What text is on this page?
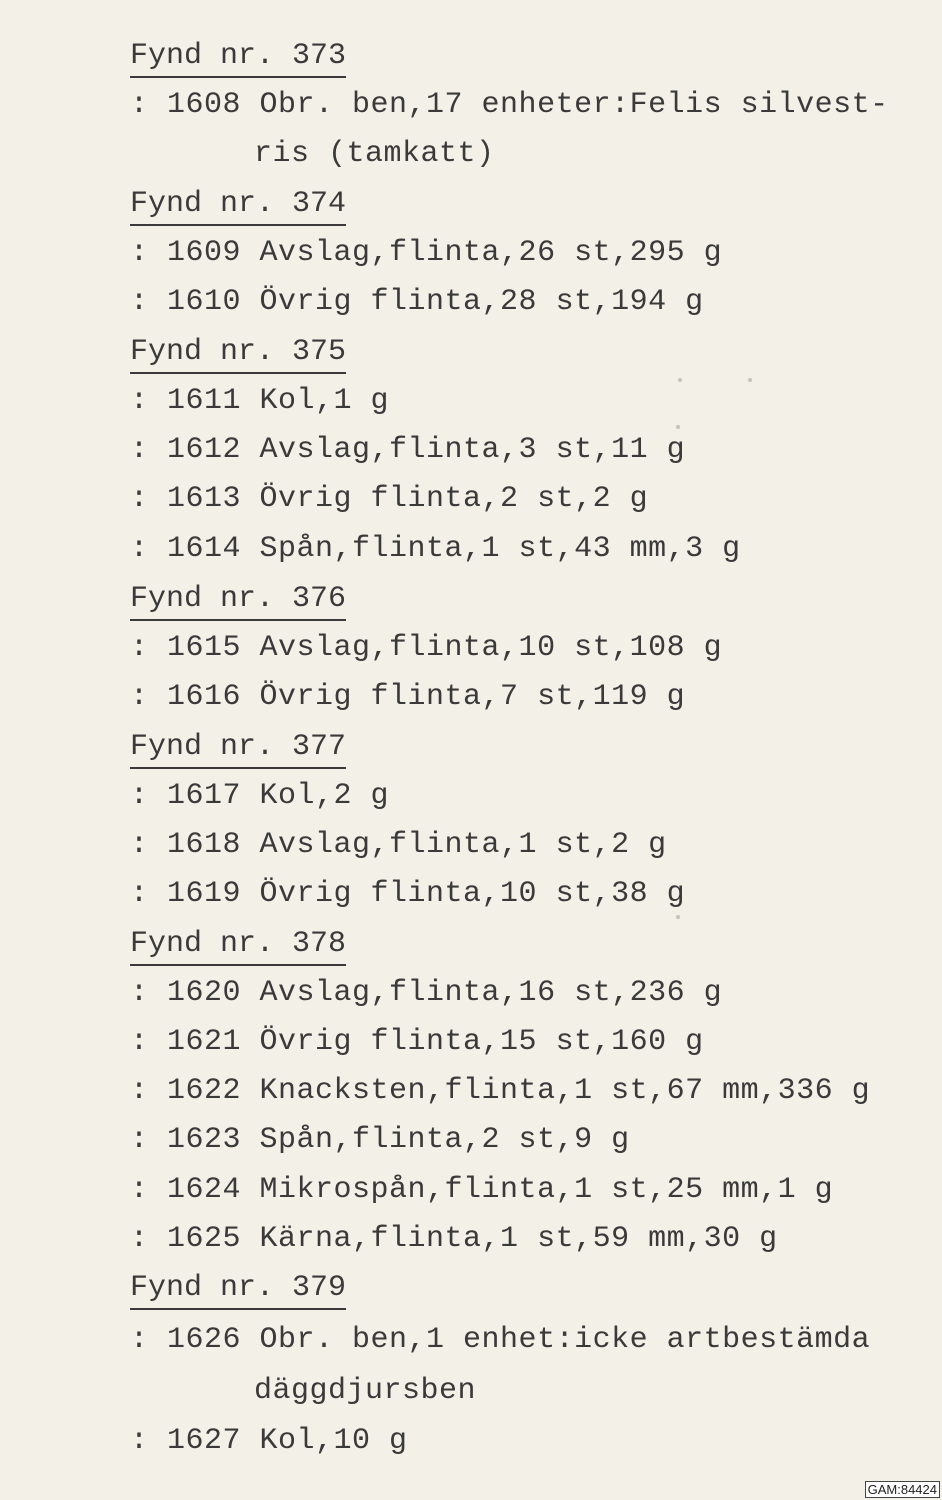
Fynd nr. 373
: 1608 Obr. ben,17 enheter:Felis silvest-
ris (tamkatt)
Fynd nr. 374
: 1609 Avslag,flinta,26 st,295 g
: 1610 Övrig flinta,28 st,194 g
Fynd nr. 375
: 1611 Kol,1 g
: 1612 Avslag,flinta,3 st,11 g
: 1613 Övrig flinta,2 st,2 g
: 1614 Spån,flinta,1 st,43 mm,3 g
Fynd nr. 376
: 1615 Avslag,flinta,10 st,108 g
: 1616 Övrig flinta,7 st,119 g
Fynd nr. 377
: 1617 Kol,2 g
: 1618 Avslag,flinta,1 st,2 g
: 1619 Övrig flinta,10 st,38 g
Fynd nr. 378
: 1620 Avslag,flinta,16 st,236 g
: 1621 Övrig flinta,15 st,160 g
: 1622 Knacksten,flinta,1 st,67 mm,336 g
: 1623 Spån,flinta,2 st,9 g
: 1624 Mikrospån,flinta,1 st,25 mm,1 g
: 1625 Kärna,flinta,1 st,59 mm,30 g
Fynd nr. 379
: 1626 Obr. ben,1 enhet:icke artbestämda
däggdjursben
: 1627 Kol,10 g
GAM:84424
